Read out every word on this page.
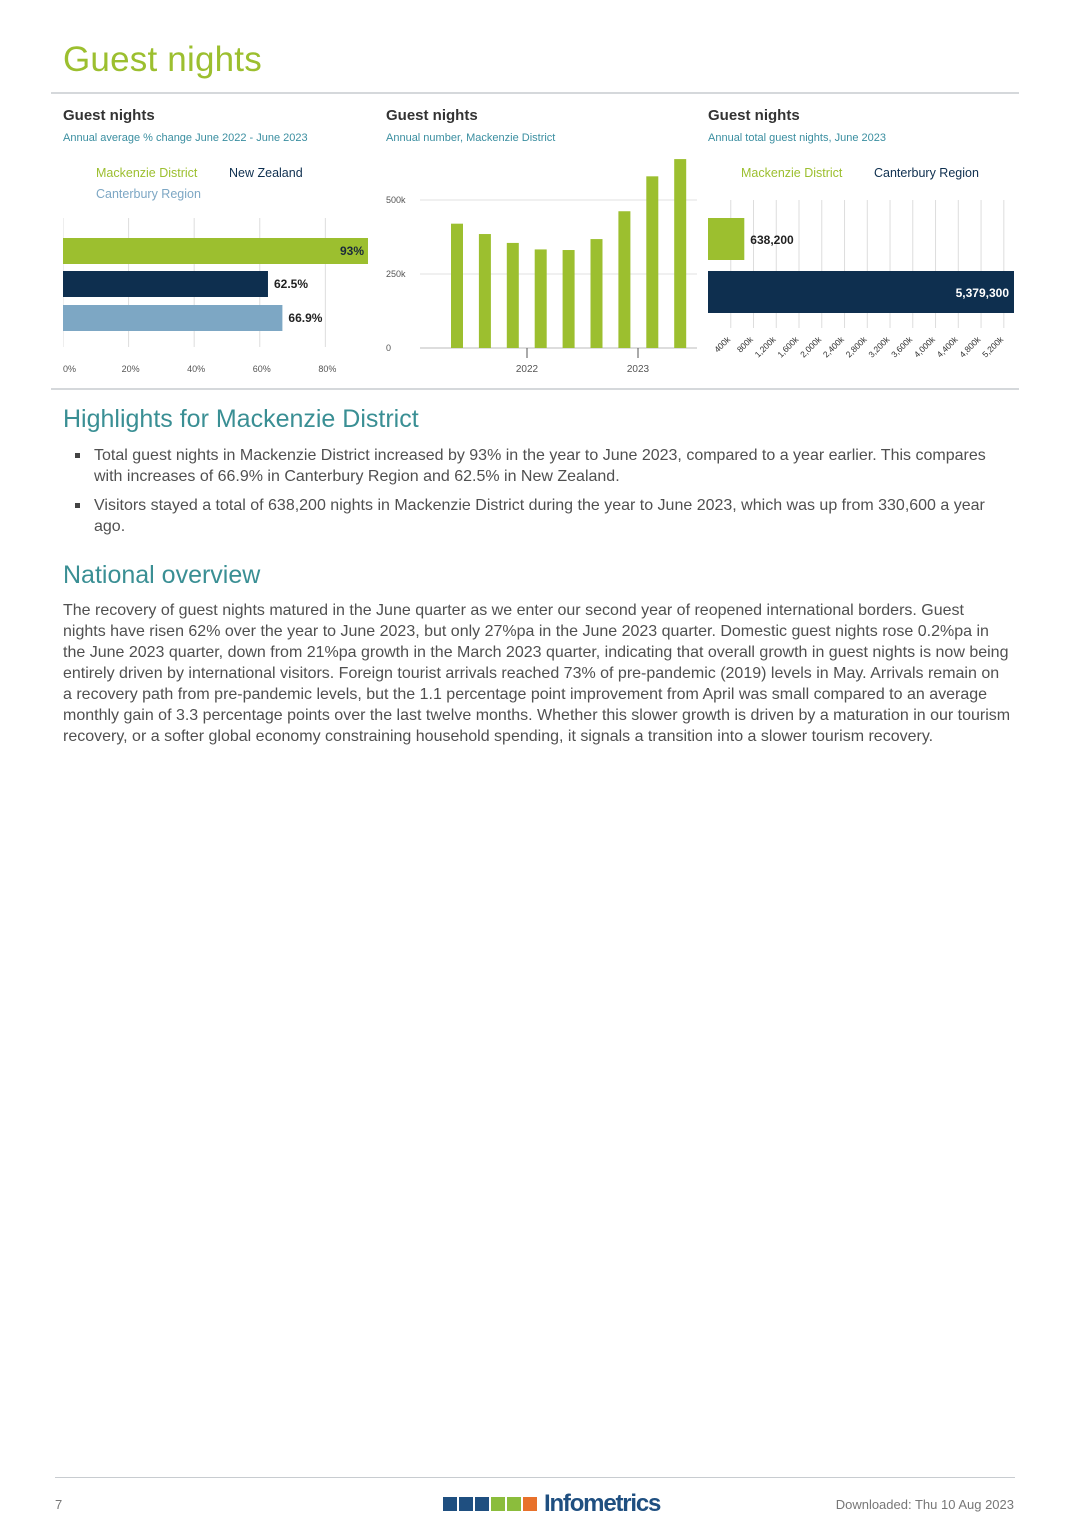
Guest nights
Guest nights
Annual average % change June 2022 - June 2023
Mackenzie District	New Zealand
Canterbury Region
0%	20%	40%	60%	80%
93%
62.5%
66.9%
Guest nights
Annual number, Mackenzie District
0
250k
500k
2022	2023
Guest nights
Annual total guest nights, June 2023
Mackenzie District	Canterbury Region
400k 800k
1,200k
1,600k
2,000k
2,400k
2,800k
3,200k
3,600k
4,000k
4,400k
4,800k
5,200k
638,200
5,379,300
Highlights for Mackenzie District
Total guest nights in Mackenzie District increased by 93% in the year to June 2023, compared to a year earlier. This compares with increases of 66.9% in Canterbury Region and 62.5% in New Zealand.
Visitors stayed a total of 638,200 nights in Mackenzie District during the year to June 2023, which was up from 330,600 a year ago.
National overview

The recovery of guest nights matured in the June quarter as we enter our second year of reopened international borders. Guest nights have risen 62% over the year to June 2023, but only 27%pa in the June 2023 quarter. Domestic guest nights rose 0.2%pa in the June 2023 quarter, down from 21%pa growth in the March 2023 quarter, indicating that overall growth in guest nights is now being entirely driven by international visitors. Foreign tourist arrivals reached 73% of pre-pandemic (2019) levels in May. Arrivals remain on a recovery path from pre-pandemic levels, but the 1.1 percentage point improvement from April was small compared to an average monthly gain of 3.3 percentage points over the last twelve months. Whether this slower growth is driven by a maturation in our tourism recovery, or a softer global economy constraining household spending, it signals a transition into a slower tourism recovery.

7	Infometrics	Downloaded: Thu 10 Aug 2023
